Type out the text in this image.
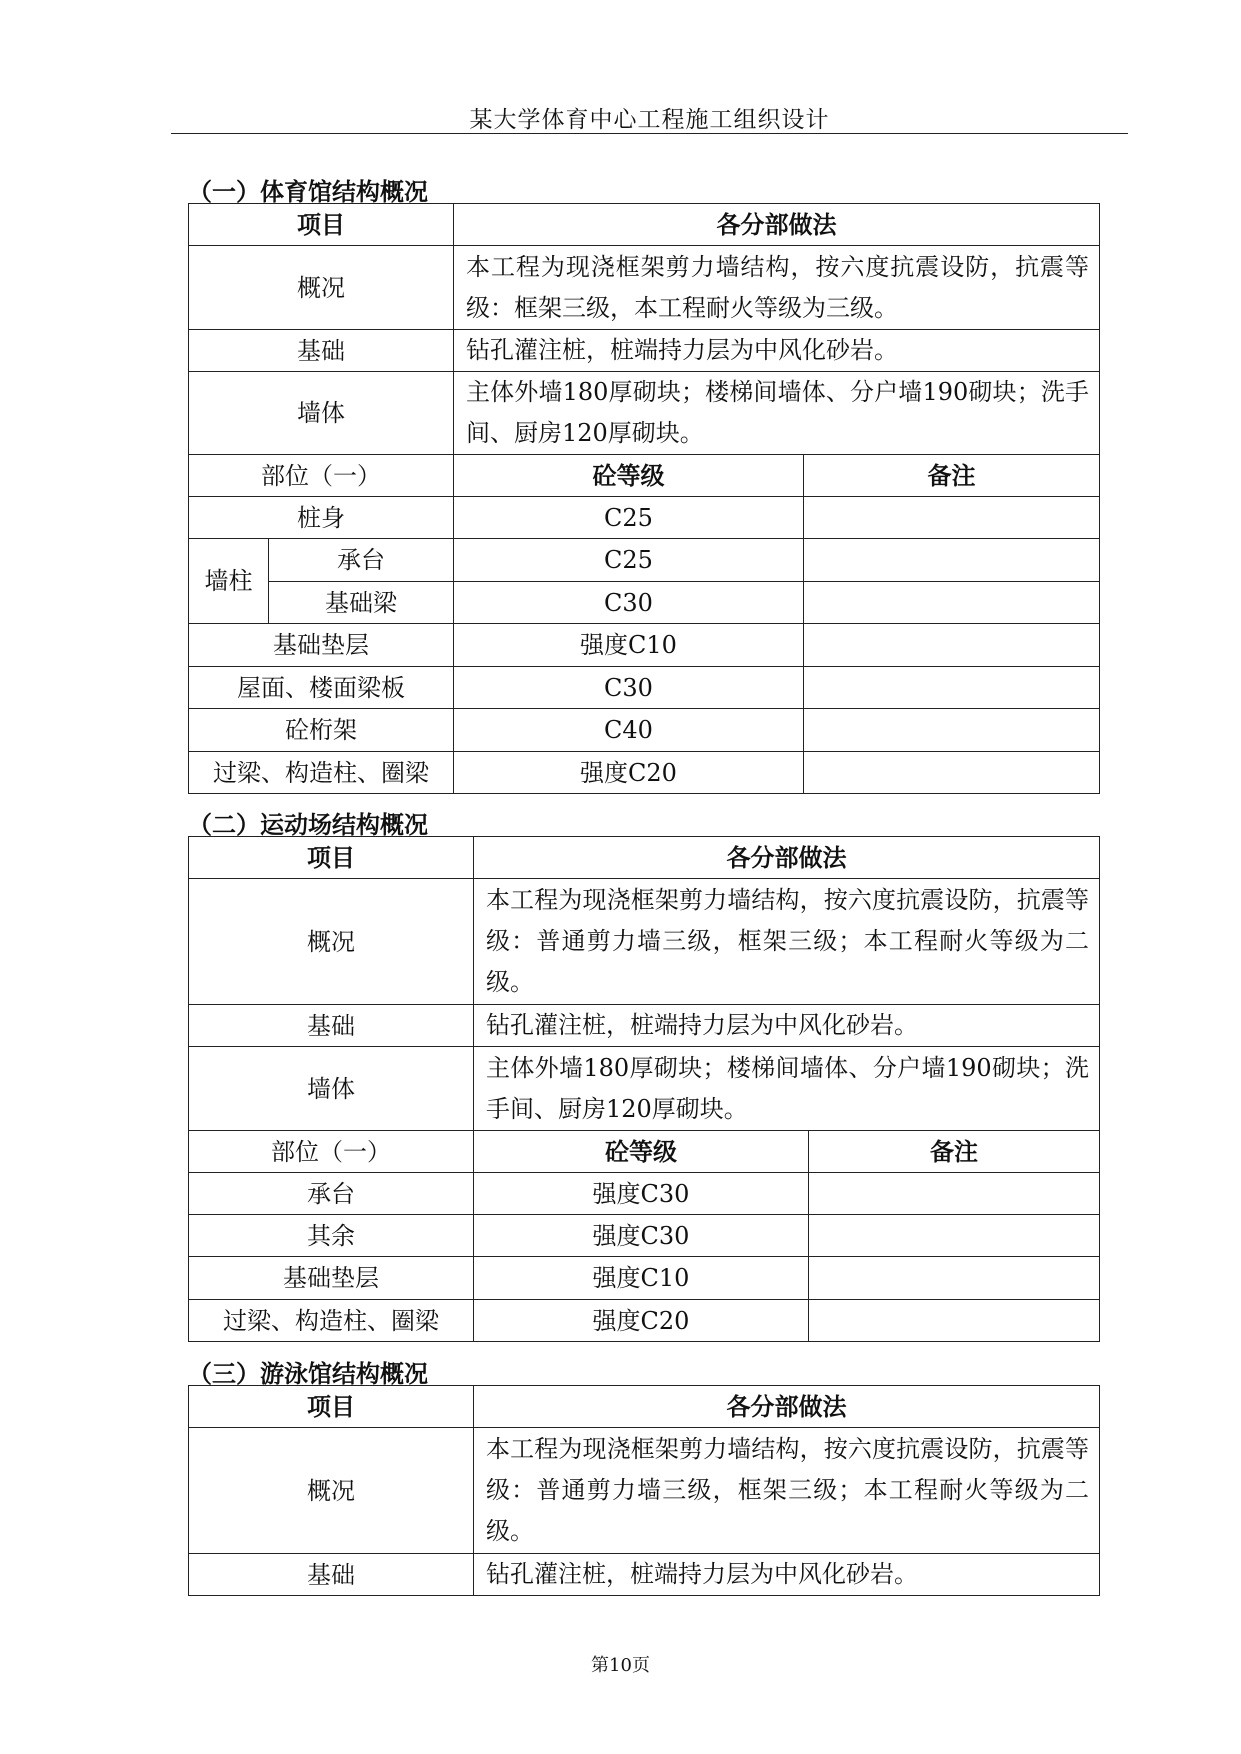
某大学体育中心工程施工组织设计
（一）体育馆结构概况
项目		各分部做法	
概况		本工程为现浇框架剪力墙结构，按六度抗震设防，抗震等级：框架三级，本工程耐火等级为三级。	
基础		钻孔灌注桩，桩端持力层为中风化砂岩。	
墙体		主体外墙180厚砌块；楼梯间墙体、分户墙190砌块；洗手间、厨房120厚砌块。	
部位（一）		砼等级	备注
桩身		C25	
墙柱	承台	C25	
	基础梁	C30	
基础垫层		强度C10	
屋面、楼面梁板		C30	
砼桁架		C40	
过梁、构造柱、圈梁		强度C20	
（二）运动场结构概况
项目	各分部做法	
概况	本工程为现浇框架剪力墙结构，按六度抗震设防，抗震等级：普通剪力墙三级，框架三级；本工程耐火等级为二级。	
基础	钻孔灌注桩，桩端持力层为中风化砂岩。	
墙体	主体外墙180厚砌块；楼梯间墙体、分户墙190砌块；洗手间、厨房120厚砌块。	
部位（一）	砼等级	备注
承台	强度C30	
其余	强度C30	
基础垫层	强度C10	
过梁、构造柱、圈梁	强度C20	
（三）游泳馆结构概况
项目	各分部做法
概况	本工程为现浇框架剪力墙结构，按六度抗震设防，抗震等级：普通剪力墙三级，框架三级；本工程耐火等级为二级。
基础	钻孔灌注桩，桩端持力层为中风化砂岩。
第10页
